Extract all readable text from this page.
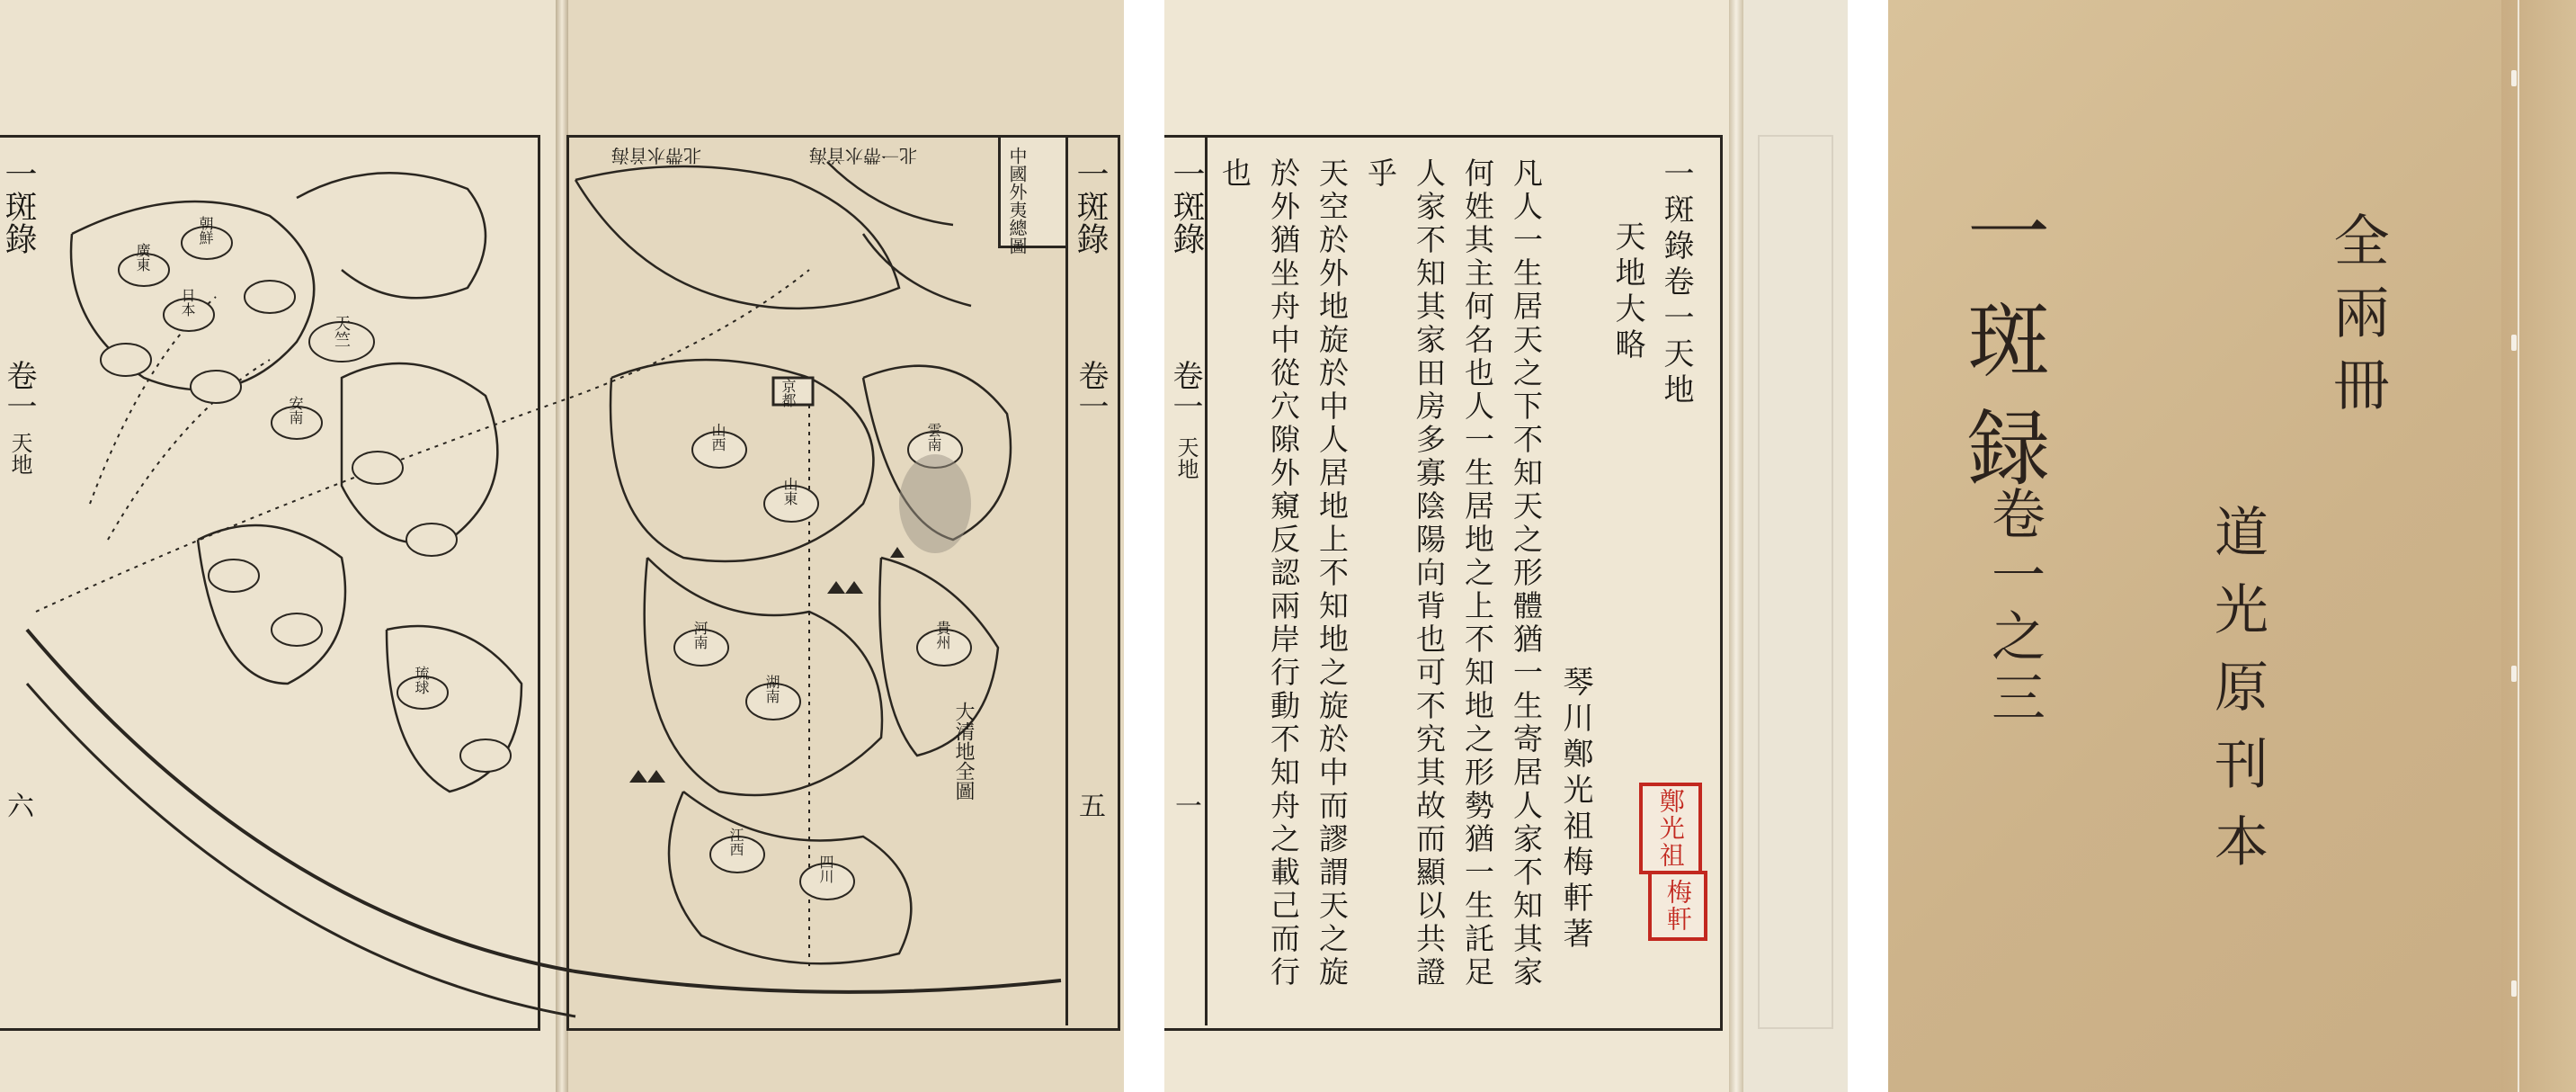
一斑錄
卷一
天地
六
一斑錄
卷一
五
中國外夷總圖
京都
北帶水首海	北一帶水首海
大清地全圖
山西
山東
河南
湖南
江西
四川
雲南
貴州
廣東
朝鮮
日本
天竺
安南
琉球
一斑錄
卷一
天地
一
一斑錄卷一天地
天地大略
琴川鄭光祖梅軒著
凡人一生居天之下不知天之形體猶一生寄居人家不知其家
何姓其主何名也人一生居地之上不知地之形勢猶一生託足
人家不知其家田房多寡陰陽向背也可不究其故而顯以共證
乎
天空於外地旋於中人居地上不知地之旋於中而謬謂天之旋
於外猶坐舟中從穴隙外窺反認兩岸行動不知舟之載己而行
也
鄭光祖
梅軒
一斑録
卷一之三
全兩冊
道光原刊本
